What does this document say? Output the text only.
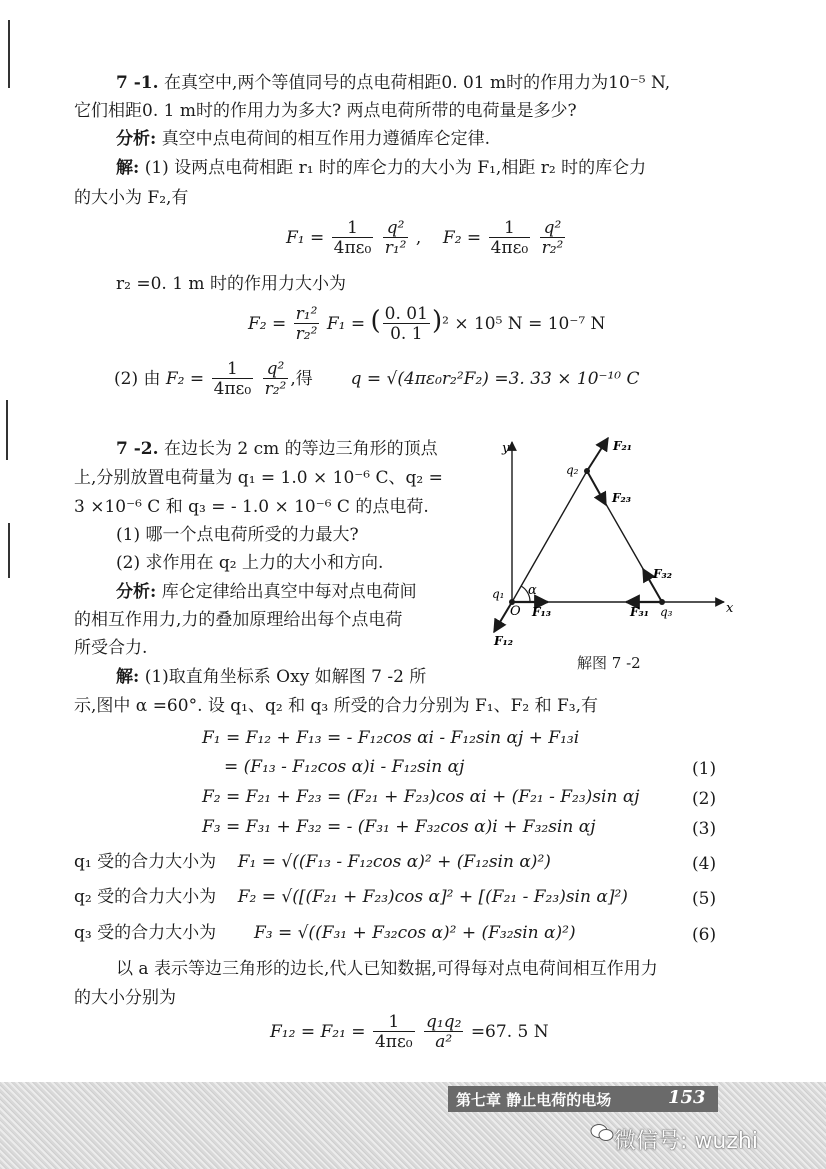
7 -1. 在真空中,两个等值同号的点电荷相距0. 01 m时的作用力为10⁻⁵ N,
它们相距0. 1 m时的作用力为多大? 两点电荷所带的电荷量是多少?
分析: 真空中点电荷间的相互作用力遵循库仑定律.
解: (1) 设两点电荷相距 r₁ 时的库仑力的大小为 F₁,相距 r₂ 时的库仑力
的大小为 F₂,有
$F_1 = \frac{1}{\text{4πε₀}}$
$\frac{\text{q²}}{\text{r₁²}}$ , $F_2 = \frac{1}{\text{4πε₀}}$
$\frac{\text{q²}}{\text{r₂²}}$
r₂ =0. 1 m 时的作用力大小为
$F_2 = \frac{\text{r₁²}}{\text{r₂²}} F_1$ = ( $\frac{0. 01}{0. 1} )^2 \times 10^5$ N = 10⁻⁷ N
(2) 由 $F_2 = \frac{1}{\text{4πε₀}}$
$\frac{\text{q²}}{\text{r₂²}}$ ,得 q = √(4πε₀r₂²F₂) =3. 33 × 10⁻¹⁰ C
7 -2. 在边长为 2 cm 的等边三角形的顶点
上,分别放置电荷量为 q₁ = 1.0 × 10⁻⁶ C、q₂ =
3 ×10⁻⁶ C 和 q₃ = - 1.0 × 10⁻⁶ C 的点电荷.
(1) 哪一个点电荷所受的力最大?
(2) 求作用在 q₂ 上力的大小和方向.
分析: 库仑定律给出真空中每对点电荷间
的相互作用力,力的叠加原理给出每个点电荷
所受合力.
解: (1)取直角坐标系 Oxy 如解图 7 -2 所
示,图中 α =60°. 设 q₁、q₂ 和 q₃ 所受的合力分别为 F₁、F₂ 和 F₃,有
F₁ = F₁₂ + F₁₃ = - F₁₂cos αi - F₁₂sin αj + F₁₃i
= (F₁₃ - F₁₂cos α)i - F₁₂sin αj	(1)
F₂ = F₂₁ + F₂₃ = (F₂₁ + F₂₃)cos αi + (F₂₁ - F₂₃)sin αj	(2)
F₃ = F₃₁ + F₃₂ = - (F₃₁ + F₃₂cos α)i + F₃₂sin αj	(3)
q₁ 受的合力大小为 F₁ = √((F₁₃ - F₁₂cos α)² + (F₁₂sin α)²)	(4)
q₂ 受的合力大小为 F₂ = √([(F₂₁ + F₂₃)cos α]² + [(F₂₁ - F₂₃)sin α]²)	(5)
q₃ 受的合力大小为 F₃ = √((F₃₁ + F₃₂cos α)² + (F₃₂sin α)²)	(6)
以 a 表示等边三角形的边长,代人已知数据,可得每对点电荷间相互作用力
的大小分别为
$F_{12} = F_{21} = \frac{1}{\text{4πε₀}}$
$\frac{\text{q₁q₂}}{\text{a²}} =67$. 5 N
y
x
O
α
q₁
q₂
q₃
F₂₁
F₂₃
F₃₂
F₃₁
F₁₃
F₁₂
解图 7 -2
第七章 静止电荷的电场	153
微信号: wuzhi
